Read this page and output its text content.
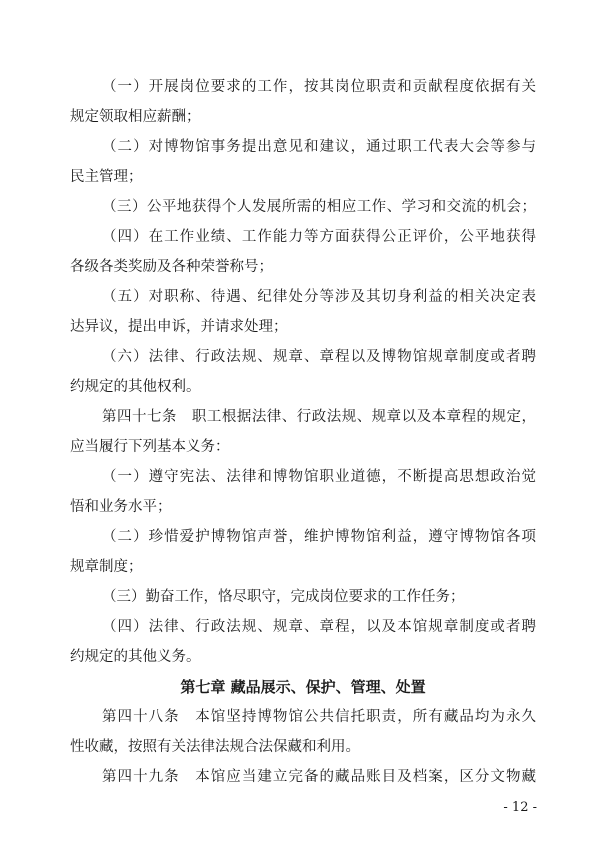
（一）开展岗位要求的工作，按其岗位职责和贡献程度依据有关
规定领取相应薪酬；
（二）对博物馆事务提出意见和建议，通过职工代表大会等参与
民主管理；
（三）公平地获得个人发展所需的相应工作、学习和交流的机会；
（四）在工作业绩、工作能力等方面获得公正评价，公平地获得
各级各类奖励及各种荣誉称号；
（五）对职称、待遇、纪律处分等涉及其切身利益的相关决定表
达异议，提出申诉，并请求处理；
（六）法律、行政法规、规章、章程以及博物馆规章制度或者聘
约规定的其他权利。
第四十七条　职工根据法律、行政法规、规章以及本章程的规定，
应当履行下列基本义务：
（一）遵守宪法、法律和博物馆职业道德，不断提高思想政治觉
悟和业务水平；
（二）珍惜爱护博物馆声誉，维护博物馆利益，遵守博物馆各项
规章制度；
（三）勤奋工作，恪尽职守，完成岗位要求的工作任务；
（四）法律、行政法规、规章、章程，以及本馆规章制度或者聘
约规定的其他义务。
第七章 藏品展示、保护、管理、处置
第四十八条　本馆坚持博物馆公共信托职责，所有藏品均为永久
性收藏，按照有关法律法规合法保藏和利用。
第四十九条　本馆应当建立完备的藏品账目及档案，区分文物藏
- 12 -
